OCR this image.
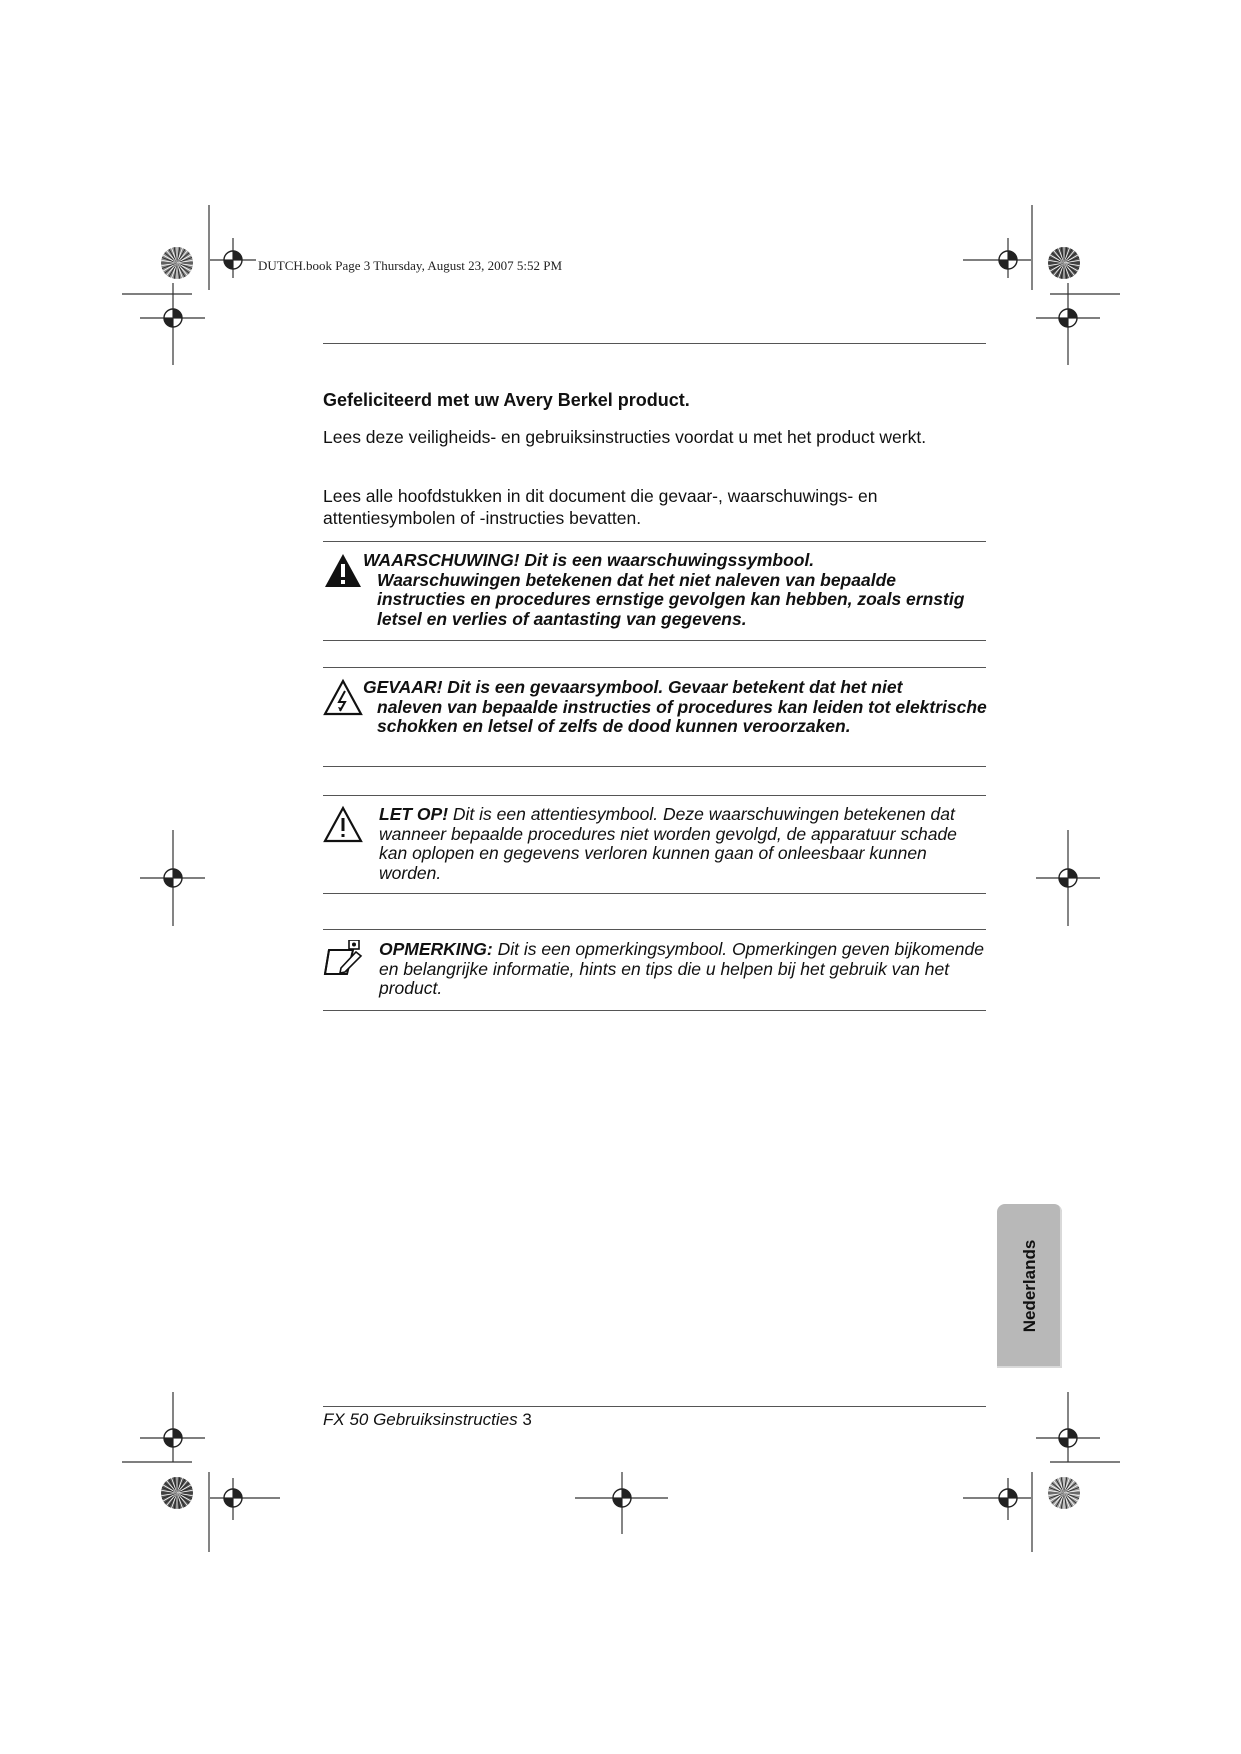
DUTCH.book Page 3 Thursday, August 23, 2007 5:52 PM
Gefeliciteerd met uw Avery Berkel product.
Lees deze veiligheids- en gebruiksinstructies voordat u met het product werkt.
Lees alle hoofdstukken in dit document die gevaar-, waarschuwings- en attentiesymbolen of -instructies bevatten.
WAARSCHUWING! Dit is een waarschuwingssymbool.
Waarschuwingen betekenen dat het niet naleven van bepaalde instructies en procedures ernstige gevolgen kan hebben, zoals ernstig letsel en verlies of aantasting van gegevens.
GEVAAR! Dit is een gevaarsymbool. Gevaar betekent dat het niet
naleven van bepaalde instructies of procedures kan leiden tot elektrische schokken en letsel of zelfs de dood kunnen veroorzaken.
LET OP! Dit is een attentiesymbool. Deze waarschuwingen betekenen dat wanneer bepaalde procedures niet worden gevolgd, de apparatuur schade kan oplopen en gegevens verloren kunnen gaan of onleesbaar kunnen worden.
OPMERKING: Dit is een opmerkingsymbool. Opmerkingen geven bijkomende en belangrijke informatie, hints en tips die u helpen bij het gebruik van het product.
Nederlands
FX 50 Gebruiksinstructies 3
